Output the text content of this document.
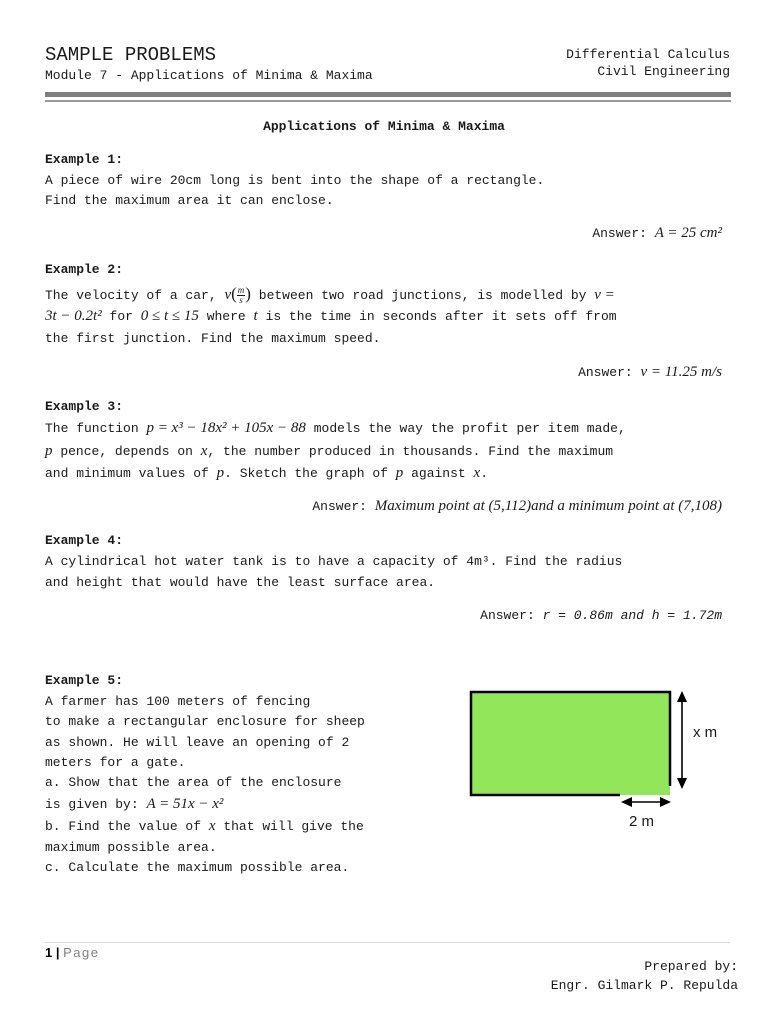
SAMPLE PROBLEMS
Module 7 - Applications of Minima & Maxima
Differential Calculus
Civil Engineering
Applications of Minima & Maxima
Example 1:
A piece of wire 20cm long is bent into the shape of a rectangle.
Find the maximum area it can enclose.
Answer: A = 25 cm²
Example 2:
The velocity of a car, $v( \frac{m}{s}$ ) between two road junctions, is modelled by v =
3t − 0.2t² for 0 ≤ t ≤ 15 where t is the time in seconds after it sets off from
the first junction. Find the maximum speed.
Answer: v = 11.25 m/s
Example 3:
The function p = x³ − 18x² + 105x − 88 models the way the profit per item made,
p pence, depends on x, the number produced in thousands. Find the maximum
and minimum values of p. Sketch the graph of p against x.
Answer: Maximum point at (5,112)and a minimum point at (7,108)
Example 4:
A cylindrical hot water tank is to have a capacity of 4m³. Find the radius
and height that would have the least surface area.
Answer: r = 0.86m and h = 1.72m
Example 5:
A farmer has 100 meters of fencing
to make a rectangular enclosure for sheep
as shown. He will leave an opening of 2
meters for a gate.
a. Show that the area of the enclosure
is given by: A = 51x − x²
b. Find the value of x that will give the
maximum possible area.
c. Calculate the maximum possible area.
x m
2 m
1 | Page
Prepared by:
Engr. Gilmark P. Repulda
